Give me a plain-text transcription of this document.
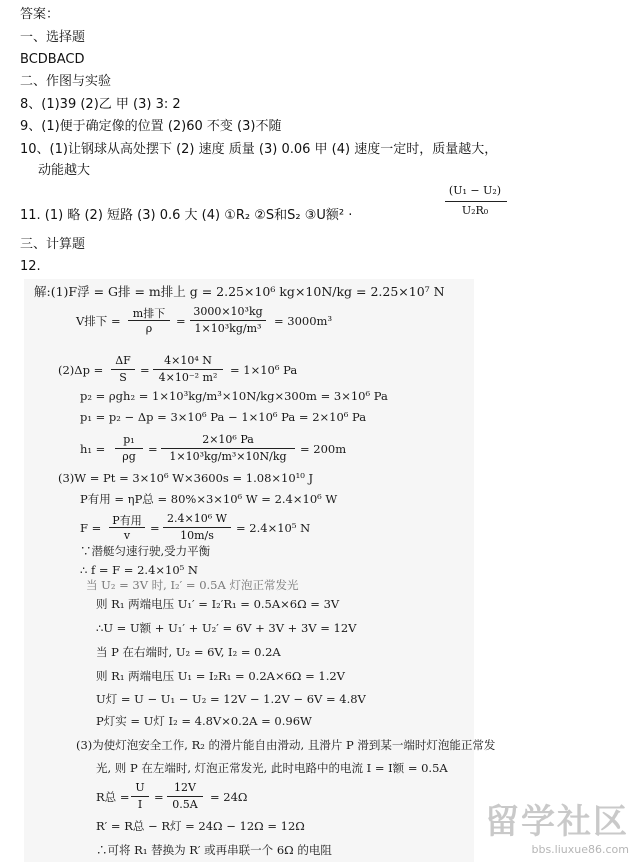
答案：
一、选择题
BCDBACD
二、作图与实验
8、(1)39 (2)乙 甲 (3) 3: 2
9、(1)便于确定像的位置 (2)60 不变 (3)不随
10、(1)让钢球从高处摆下 (2) 速度 质量 (3) 0.06 甲 (4) 速度一定时，质量越大，
动能越大
11. (1) 略 (2) 短路 (3) 0.6 大 (4) ①R₂ ②S和S₂ ③U额² ·
(U₁ − U₂)
U₂R₀
三、计算题
12.
解:(1)F浮 = G排 = m排上 g = 2.25×10⁶ kg×10N/kg = 2.25×10⁷ N
V排下 =
m排下
ρ
=
3000×10³kg
1×10³kg/m³
= 3000m³
(2)Δp =
ΔF
S
=
4×10⁴ N
4×10⁻² m²
= 1×10⁶ Pa
p₂ = ρgh₂ = 1×10³kg/m³×10N/kg×300m = 3×10⁶ Pa
p₁ = p₂ − Δp = 3×10⁶ Pa − 1×10⁶ Pa = 2×10⁶ Pa
h₁ =
p₁
ρg
=
2×10⁶ Pa
1×10³kg/m³×10N/kg
= 200m
(3)W = Pt = 3×10⁶ W×3600s = 1.08×10¹⁰ J
P有用 = ηP总 = 80%×3×10⁶ W = 2.4×10⁶ W
F =
P有用
v
=
2.4×10⁶ W
10m/s
= 2.4×10⁵ N
∵潜艇匀速行驶,受力平衡
∴ f = F = 2.4×10⁵ N
当 U₂ = 3V 时, I₂′ = 0.5A 灯泡正常发光
则 R₁ 两端电压 U₁′ = I₂′R₁ = 0.5A×6Ω = 3V
∴U = U额 + U₁′ + U₂′ = 6V + 3V + 3V = 12V
当 P 在右端时, U₂ = 6V, I₂ = 0.2A
则 R₁ 两端电压 U₁ = I₂R₁ = 0.2A×6Ω = 1.2V
U灯 = U − U₁ − U₂ = 12V − 1.2V − 6V = 4.8V
P灯实 = U灯 I₂ = 4.8V×0.2A = 0.96W
(3)为使灯泡安全工作, R₂ 的滑片能自由滑动, 且滑片 P 滑到某一端时灯泡能正常发
光, 则 P 在左端时, 灯泡正常发光, 此时电路中的电流 I = I额 = 0.5A
R总 =
U
I
=
12V
0.5A
= 24Ω
R′ = R总 − R灯 = 24Ω − 12Ω = 12Ω
∴可将 R₁ 替换为 R′ 或再串联一个 6Ω 的电阻
留学社区
bbs.liuxue86.com
